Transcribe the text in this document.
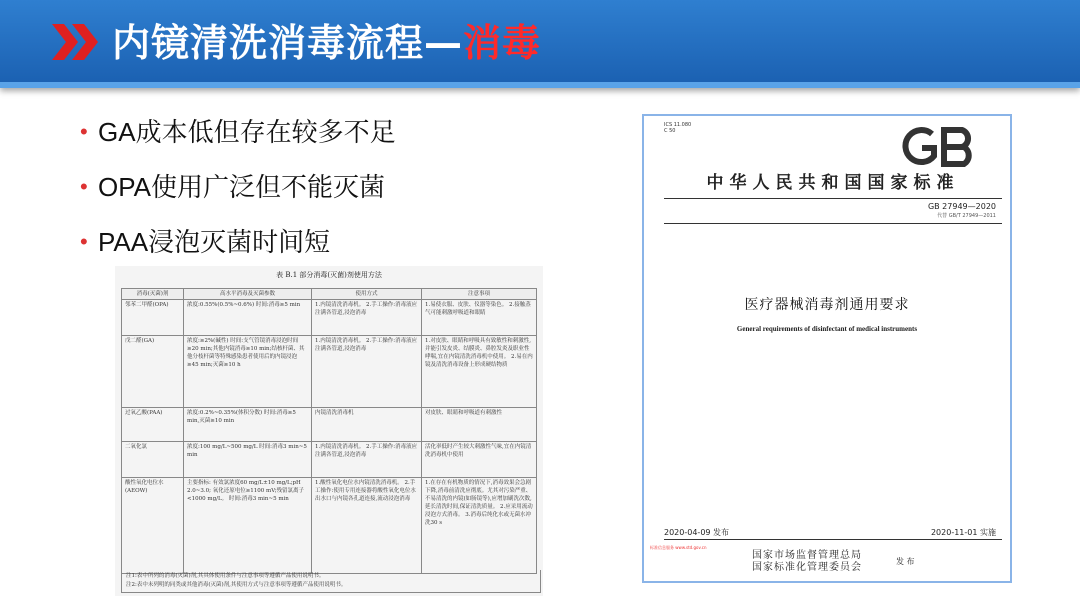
内镜清洗消毒流程—消毒
• GA成本低但存在较多不足
• OPA使用广泛但不能灭菌
• PAA浸泡灭菌时间短
表 B.1 部分消毒(灭菌)剂使用方法
消毒(灭菌)剂	高水平消毒及灭菌参数	使用方式	注意事项
邻苯二甲醛(OPA)	浓度:0.55%(0.5%~0.6%) 时间:消毒≥5 min	1.内镜清洗消毒机。 2.手工操作:消毒液应注满各管道,浸泡消毒	1.易使衣服、皮肤、仪器等染色。 2.接触蒸气可能刺激呼吸道和眼睛
戊二醛(GA)	浓度:≥2%(碱性) 时间:支气管镜消毒浸泡时间≥20 min;其他内镜消毒≥10 min;结核杆菌、其他分枝杆菌等特殊感染患者使用后的内镜浸泡≥45 min;灭菌≥10 h	1.内镜清洗消毒机。 2.手工操作:消毒液应注满各管道,浸泡消毒	1.对皮肤、眼睛和呼吸具有致敏性和刺激性,并能引发皮炎、结膜炎、鼻腔发炎及职业性哮喘,宜在内镜清洗消毒机中使用。 2.易在内镜及清洗消毒设备上形成硬结物质
过氧乙酸(PAA)	浓度:0.2%~0.35%(体积分数) 时间:消毒≥5 min,灭菌≥10 min	内镜清洗消毒机	对皮肤、眼睛和呼吸道有刺激性
二氧化氯	浓度:100 mg/L~500 mg/L 时间:消毒3 min~5 min	1.内镜清洗消毒机。 2.手工操作:消毒液应注满各管道,浸泡消毒	活化率低时产生较大刺激性气味,宜在内镜清洗消毒机中使用
酸性氧化电位水(AEOW)	主要指标: 有效氯浓度60 mg/L±10 mg/L;pH 2.0~3.0; 氧化还原电位≥1100 mV;残留氯离子<1000 mg/L。 时间:消毒3 min~5 min	1.酸性氧化电位水内镜清洗消毒机。 2.手工操作:使用专用连接器将酸性氧化电位水出水口与内镜各孔道连接,流动浸泡消毒	1.在存在有机物质的情况下,消毒效果会急剧下降,消毒前清洗应彻底。尤其对污染严重、不易清洗的内镜(如肠镜等),应增加刷洗次数,延长清洗时间,保证清洗质量。 2.应采用流动浸泡方式消毒。 3.消毒后纯化水或无菌水冲洗30 s
注1:表中所列的消毒(灭菌)剂,其具体使用条件与注意事项等遵循产品使用说明书。
注2:表中未列明的同类或其他消毒(灭菌)剂,其使用方式与注意事项等遵循产品使用说明书。
ICS 11.080
C 50
中华人民共和国国家标准
GB 27949—2020
代替 GB/T 27949—2011
医疗器械消毒剂通用要求
General requirements of disinfectant of medical instruments
2020-04-09 发布	2020-11-01 实施
标准信息服务 www.std.gov.cn
国家市场监督管理总局
国家标准化管理委员会
发 布
